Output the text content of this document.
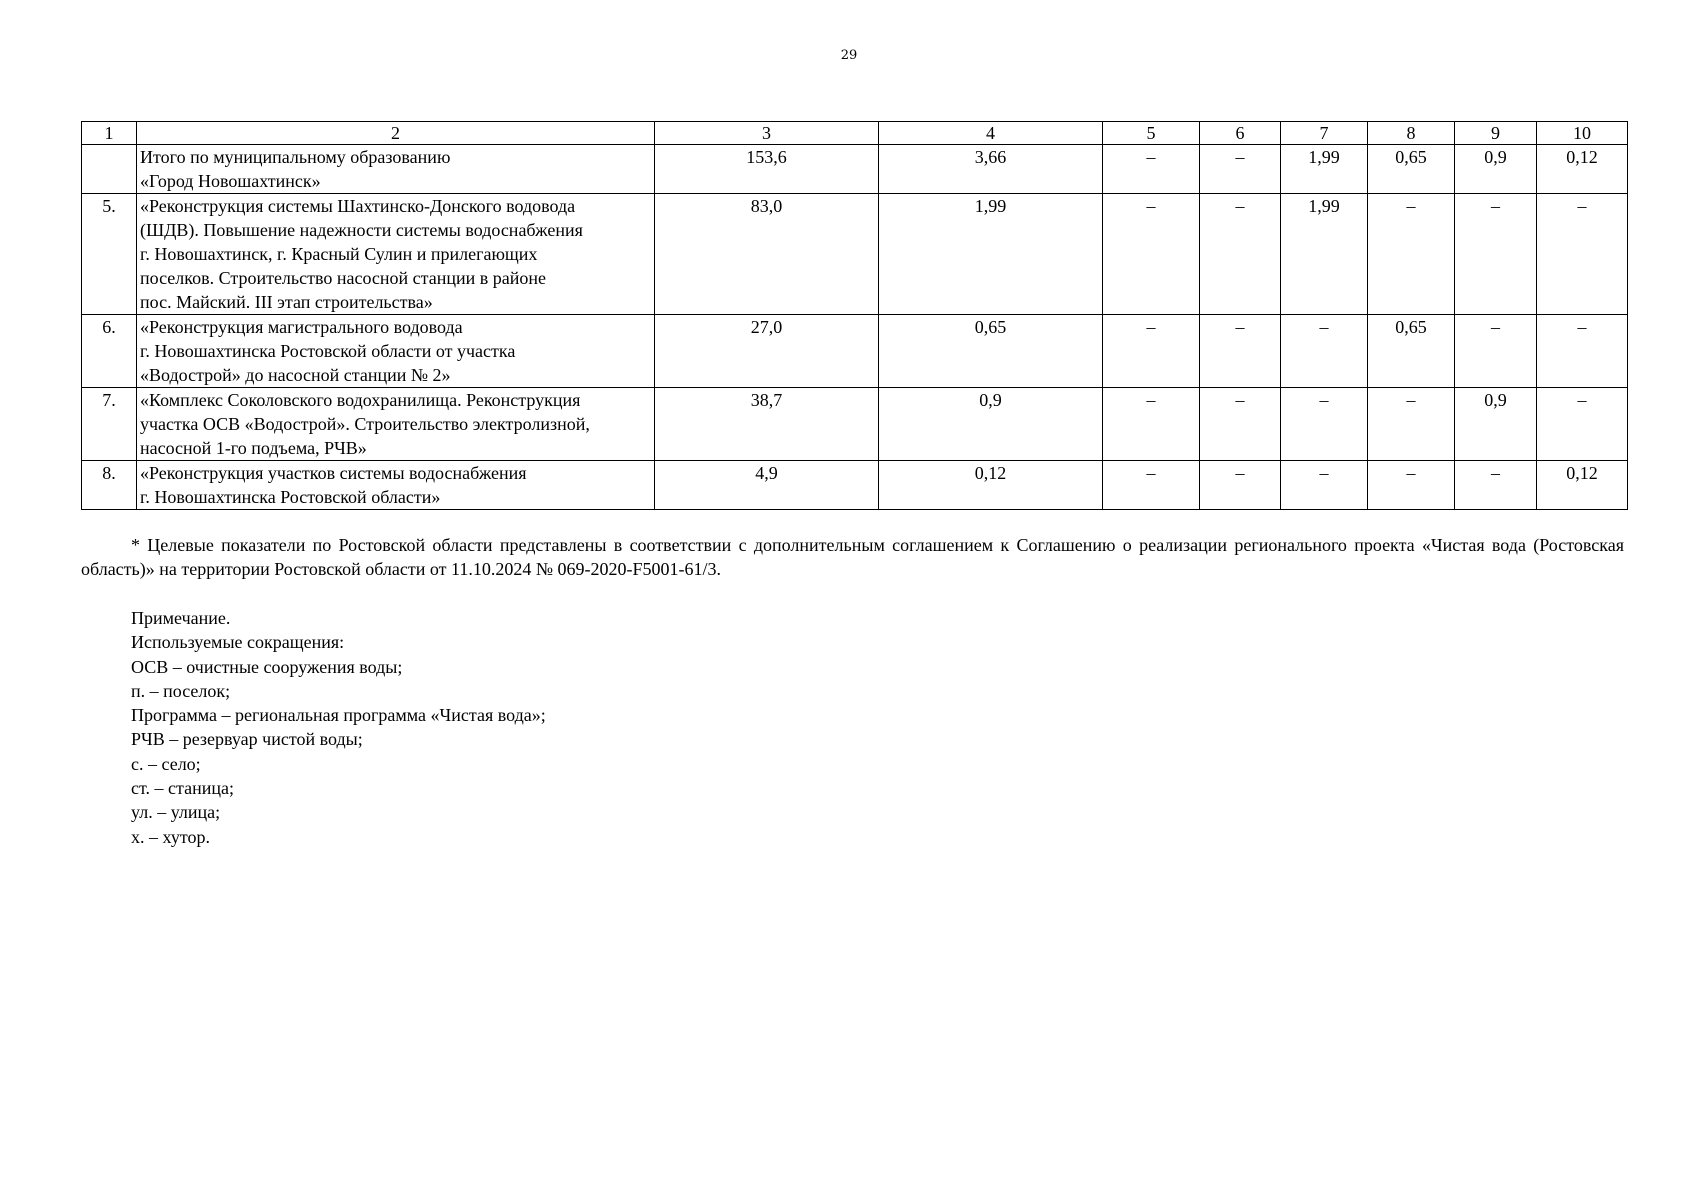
29
1	2	3	4	5	6	7	8	9	10

	Итого по муниципальному образованию
«Город Новошахтинск»	153,6	3,66	–	–	1,99	0,65	0,9	0,12
5.	«Реконструкция системы Шахтинско-Донского водовода
(ШДВ). Повышение надежности системы водоснабжения
г. Новошахтинск, г. Красный Сулин и прилегающих
поселков. Строительство насосной станции в районе
пос. Майский. III этап строительства»	83,0	1,99	–	–	1,99	–	–	–
6.	«Реконструкция магистрального водовода
г. Новошахтинска Ростовской области от участка
«Водострой» до насосной станции № 2»	27,0	0,65	–	–	–	0,65	–	–
7.	«Комплекс Соколовского водохранилища. Реконструкция
участка ОСВ «Водострой». Строительство электролизной,
насосной 1-го подъема, РЧВ»	38,7	0,9	–	–	–	–	0,9	–
8.	«Реконструкция участков системы водоснабжения
г. Новошахтинска Ростовской области»	4,9	0,12	–	–	–	–	–	0,12
* Целевые показатели по Ростовской области представлены в соответствии с дополнительным соглашением к Соглашению о реализации регионального проекта «Чистая вода (Ростовская область)» на территории Ростовской области от 11.10.2024 № 069-2020-F5001-61/3.
Примечание.
Используемые сокращения:
ОСВ – очистные сооружения воды;
п. – поселок;
Программа – региональная программа «Чистая вода»;
РЧВ – резервуар чистой воды;
с. – село;
ст. – станица;
ул. – улица;
х. – хутор.
